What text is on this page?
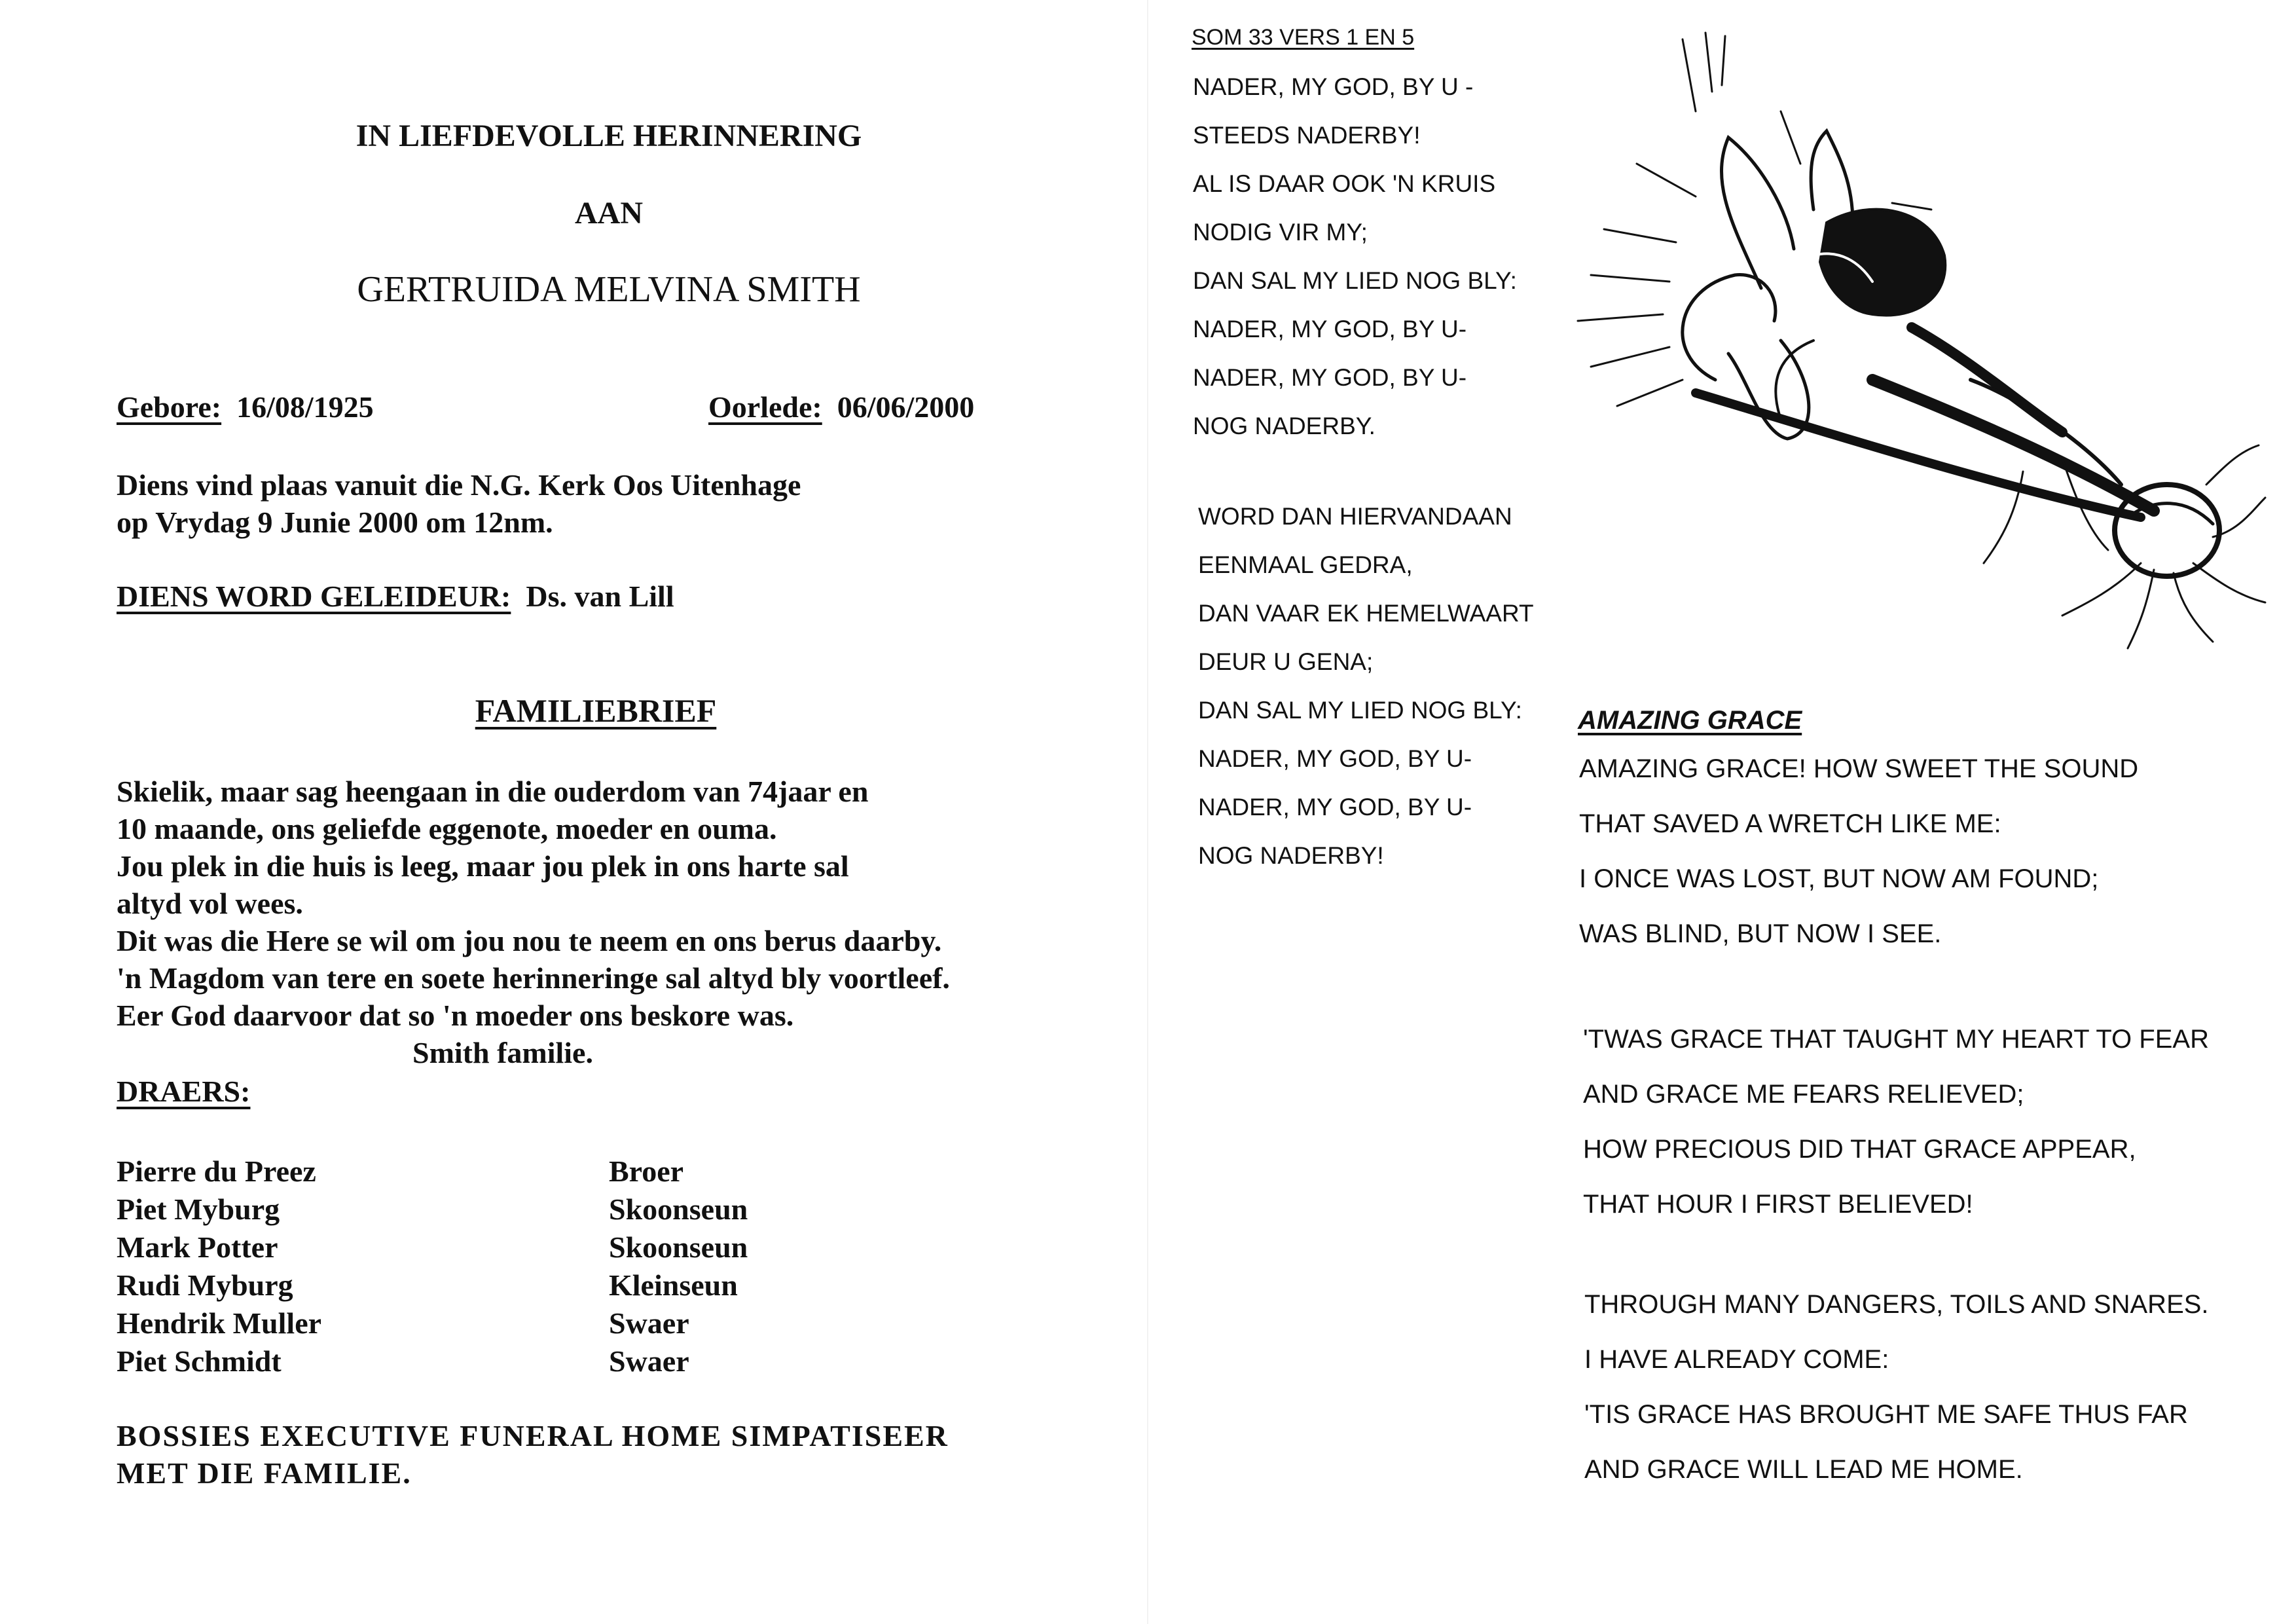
IN LIEFDEVOLLE HERINNERING
AAN
GERTRUIDA MELVINA SMITH
Gebore: 16/08/1925	Oorlede: 06/06/2000
Diens vind plaas vanuit die N.G. Kerk Oos Uitenhage
op Vrydag 9 Junie 2000 om 12nm.
DIENS WORD GELEIDEUR: Ds. van Lill
FAMILIEBRIEF
Skielik, maar sag heengaan in die ouderdom van 74jaar en
10 maande, ons geliefde eggenote, moeder en ouma.
Jou plek in die huis is leeg, maar jou plek in ons harte sal
altyd vol wees.
Dit was die Here se wil om jou nou te neem en ons berus daarby.
'n Magdom van tere en soete herinneringe sal altyd bly voortleef.
Eer God daarvoor dat so 'n moeder ons beskore was.
Smith familie.
DRAERS:
Pierre du Preez	Broer
Piet Myburg	Skoonseun
Mark Potter	Skoonseun
Rudi Myburg	Kleinseun
Hendrik Muller	Swaer
Piet Schmidt	Swaer
BOSSIES EXECUTIVE FUNERAL HOME SIMPATISEER
MET DIE FAMILIE.
SOM 33 VERS 1 EN 5
NADER, MY GOD, BY U -
STEEDS NADERBY!
AL IS DAAR OOK 'N KRUIS
NODIG VIR MY;
DAN SAL MY LIED NOG BLY:
NADER, MY GOD, BY U-
NADER, MY GOD, BY U-
NOG NADERBY.
WORD DAN HIERVANDAAN
EENMAAL GEDRA,
DAN VAAR EK HEMELWAART
DEUR U GENA;
DAN SAL MY LIED NOG BLY:
NADER, MY GOD, BY U-
NADER, MY GOD, BY U-
NOG NADERBY!
AMAZING GRACE
AMAZING GRACE! HOW SWEET THE SOUND
THAT SAVED A WRETCH LIKE ME:
I ONCE WAS LOST, BUT NOW AM FOUND;
WAS BLIND, BUT NOW I SEE.
'TWAS GRACE THAT TAUGHT MY HEART TO FEAR
AND GRACE ME FEARS RELIEVED;
HOW PRECIOUS DID THAT GRACE APPEAR,
THAT HOUR I FIRST BELIEVED!
THROUGH MANY DANGERS, TOILS AND SNARES.
I HAVE ALREADY COME:
'TIS GRACE HAS BROUGHT ME SAFE THUS FAR
AND GRACE WILL LEAD ME HOME.
